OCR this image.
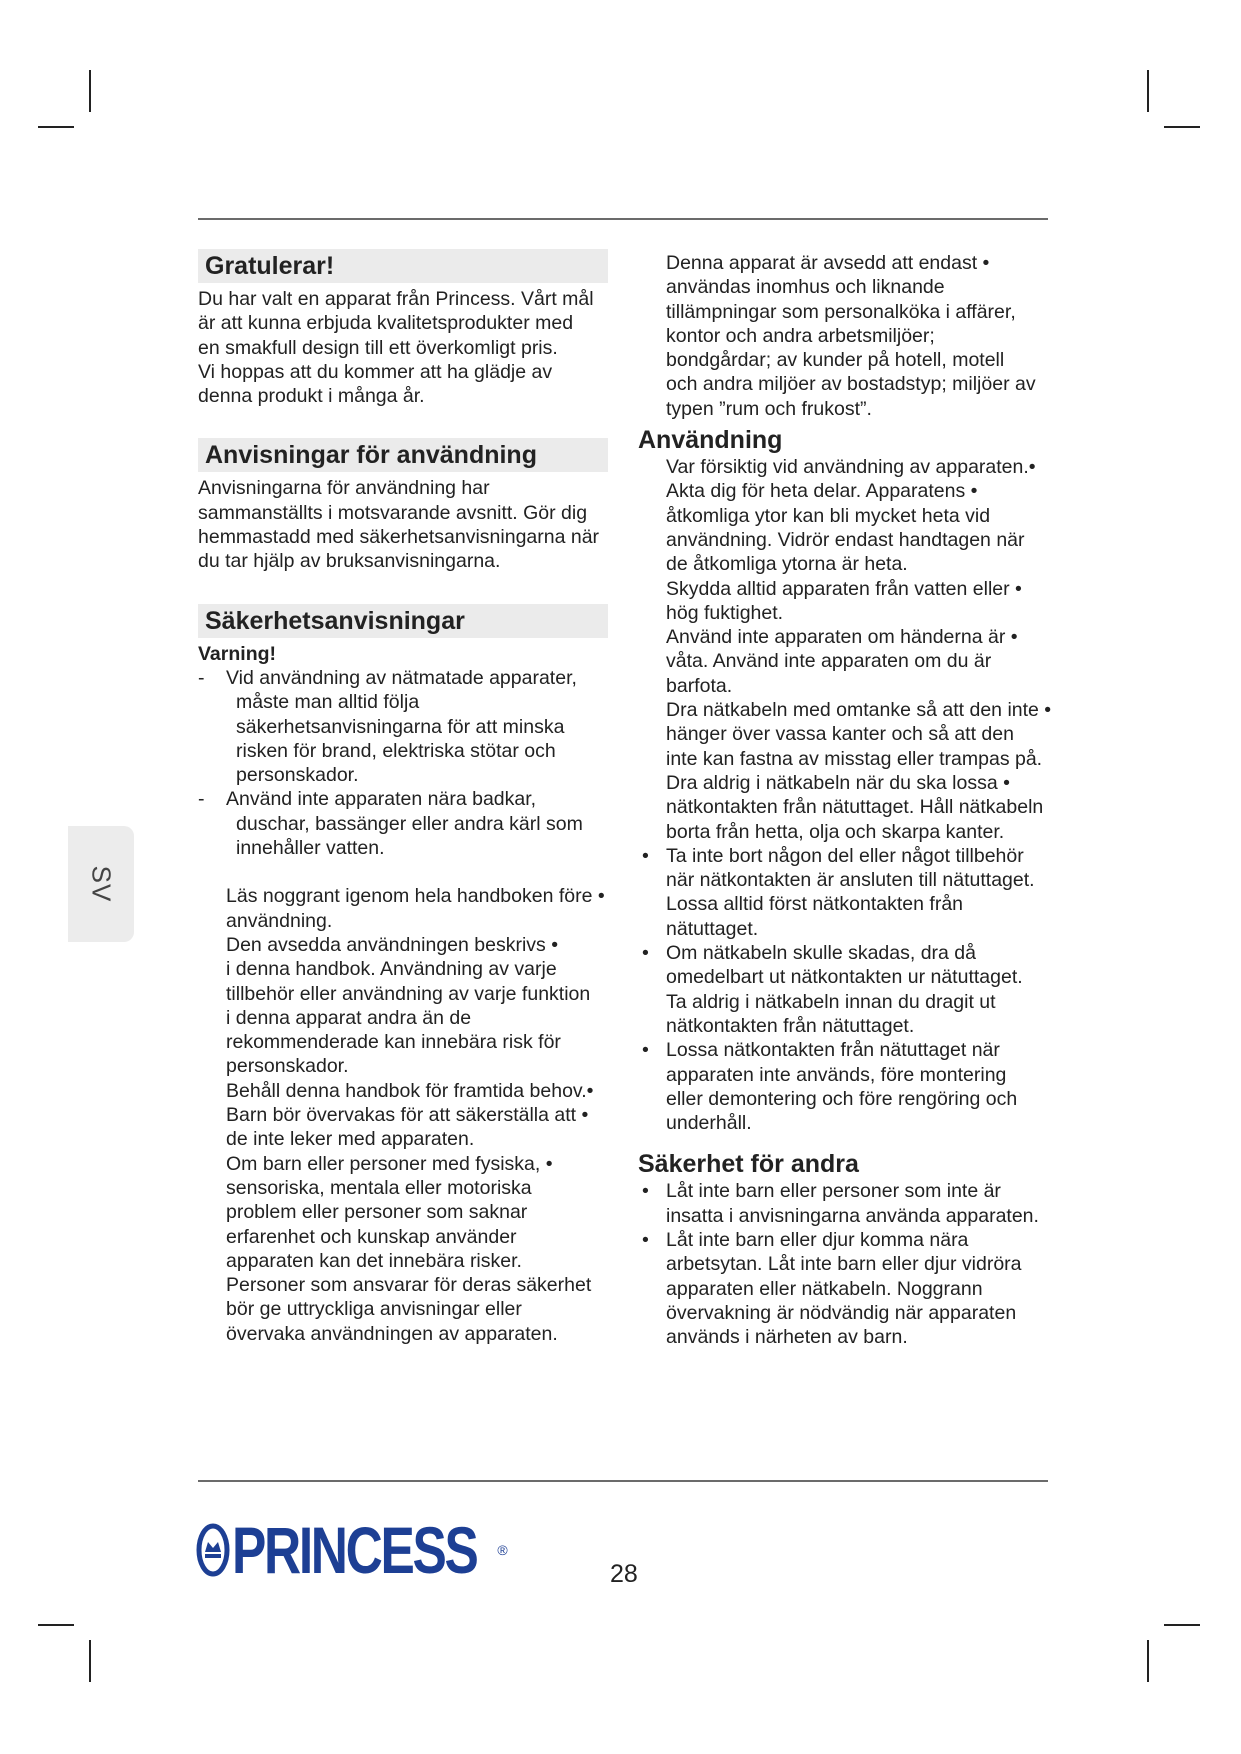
SV
Gratulerar!
Du har valt en apparat från Princess. Vårt mål
är att kunna erbjuda kvalitetsprodukter med
en smakfull design till ett överkomligt pris.
Vi hoppas att du kommer att ha glädje av
denna produkt i många år.
Anvisningar för användning
Anvisningarna för användning har
sammanställts i motsvarande avsnitt. Gör dig
hemmastadd med säkerhetsanvisningarna när
du tar hjälp av bruksanvisningarna.
Säkerhetsanvisningar
Varning!
- Vid användning av nätmatade apparater,
måste man alltid följa
säkerhetsanvisningarna för att minska
risken för brand, elektriska stötar och
personskador.
- Använd inte apparaten nära badkar,
duschar, bassänger eller andra kärl som
innehåller vatten.
Läs noggrant igenom hela handboken före •
användning.
Den avsedda användningen beskrivs •
i denna handbok. Användning av varje
tillbehör eller användning av varje funktion
i denna apparat andra än de
rekommenderade kan innebära risk för
personskador.
Behåll denna handbok för framtida behov.•
Barn bör övervakas för att säkerställa att •
de inte leker med apparaten.
Om barn eller personer med fysiska, •
sensoriska, mentala eller motoriska
problem eller personer som saknar
erfarenhet och kunskap använder
apparaten kan det innebära risker.
Personer som ansvarar för deras säkerhet
bör ge uttryckliga anvisningar eller
övervaka användningen av apparaten.
Denna apparat är avsedd att endast •
användas inomhus och liknande
tillämpningar som personalköka i affärer,
kontor och andra arbetsmiljöer;
bondgårdar; av kunder på hotell, motell
och andra miljöer av bostadstyp; miljöer av
typen ”rum och frukost”.
Användning
Var försiktig vid användning av apparaten.•
Akta dig för heta delar. Apparatens •
åtkomliga ytor kan bli mycket heta vid
användning. Vidrör endast handtagen när
de åtkomliga ytorna är heta.
Skydda alltid apparaten från vatten eller •
hög fuktighet.
Använd inte apparaten om händerna är •
våta. Använd inte apparaten om du är
barfota.
Dra nätkabeln med omtanke så att den inte •
hänger över vassa kanter och så att den
inte kan fastna av misstag eller trampas på.
Dra aldrig i nätkabeln när du ska lossa •
nätkontakten från nätuttaget. Håll nätkabeln
borta från hetta, olja och skarpa kanter.
• Ta inte bort någon del eller något tillbehör
när nätkontakten är ansluten till nätuttaget.
Lossa alltid först nätkontakten från
nätuttaget.
• Om nätkabeln skulle skadas, dra då
omedelbart ut nätkontakten ur nätuttaget.
Ta aldrig i nätkabeln innan du dragit ut
nätkontakten från nätuttaget.
• Lossa nätkontakten från nätuttaget när
apparaten inte används, före montering
eller demontering och före rengöring och
underhåll.
Säkerhet för andra
• Låt inte barn eller personer som inte är
insatta i anvisningarna använda apparaten.
• Låt inte barn eller djur komma nära
arbetsytan. Låt inte barn eller djur vidröra
apparaten eller nätkabeln. Noggrann
övervakning är nödvändig när apparaten
används i närheten av barn.
PRINCESS ®
28
